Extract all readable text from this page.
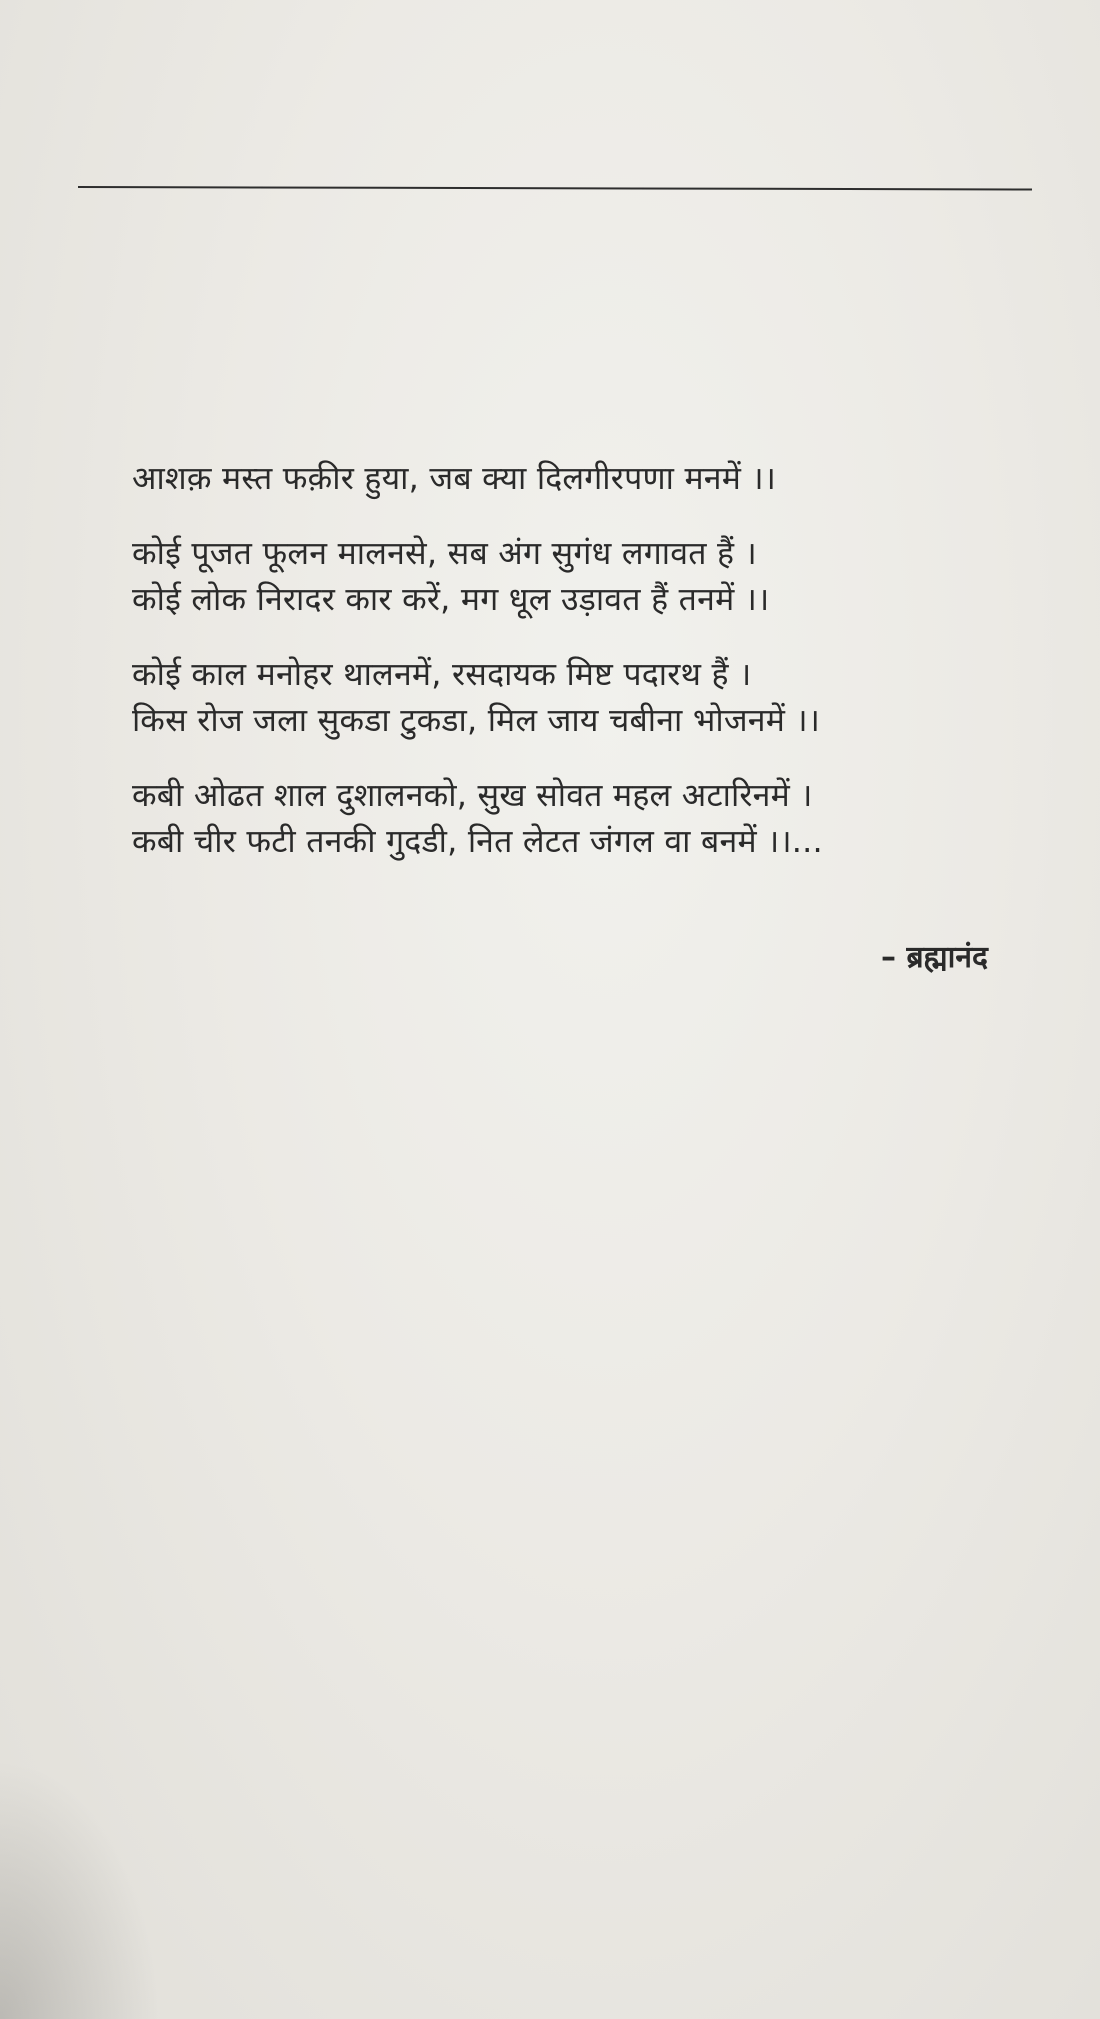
आशक़ मस्त फक़ीर हुया, जब क्या दिलगीरपणा मनमें ।।
कोई पूजत फूलन मालनसे, सब अंग सुगंध लगावत हैं ।
कोई लोक निरादर कार करें, मग धूल उड़ावत हैं तनमें ।।
कोई काल मनोहर थालनमें, रसदायक मिष्ट पदारथ हैं ।
किस रोज जला सुकडा टुकडा, मिल जाय चबीना भोजनमें ।।
कबी ओढत शाल दुशालनको, सुख सोवत महल अटारिनमें ।
कबी चीर फटी तनकी गुदडी, नित लेटत जंगल वा बनमें ।।...
– ब्रह्मानंद
